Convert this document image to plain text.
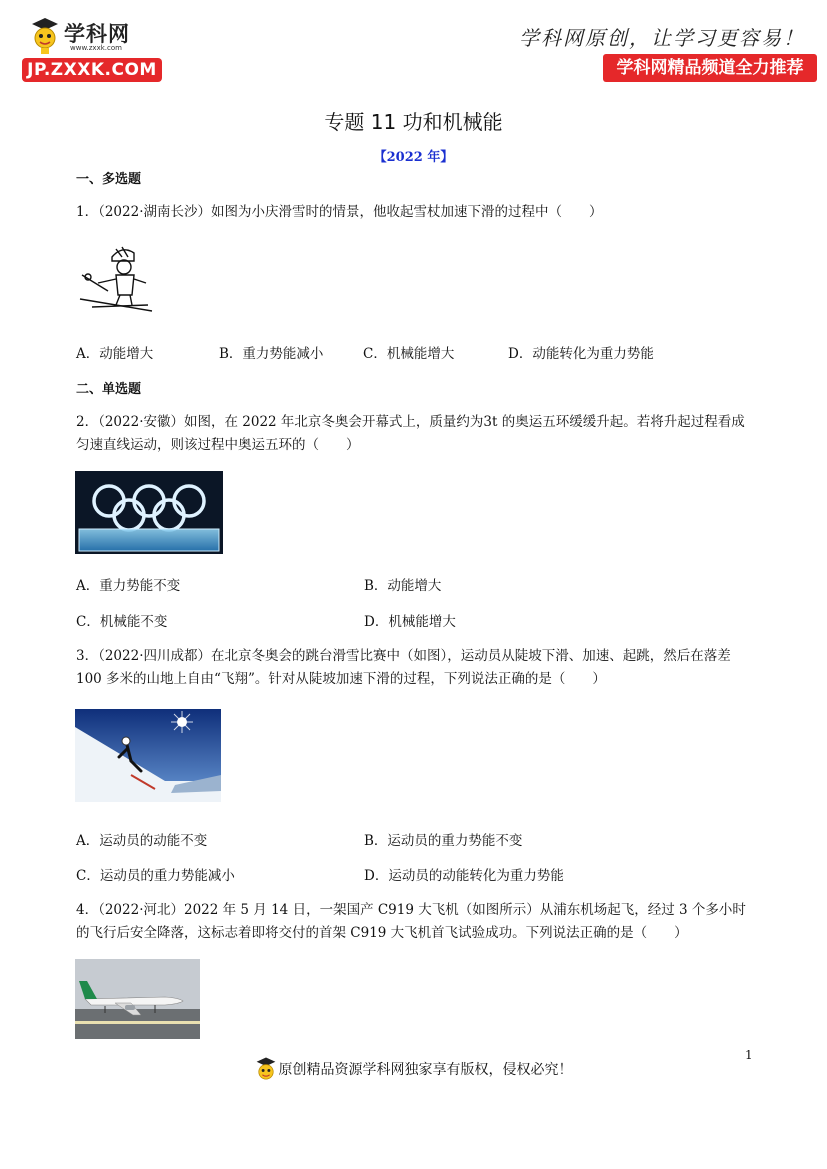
学科网
www.zxxk.com
JP.ZXXK.COM
学科网原创，让学习更容易！
学科网精品频道全力推荐
专题 11 功和机械能
【2022 年】
一、多选题
1．（2022·湖南长沙）如图为小庆滑雪时的情景，他收起雪杖加速下滑的过程中（　　）
A．动能增大	B．重力势能减小	C．机械能增大	D．动能转化为重力势能
二、单选题
2．（2022·安徽）如图，在 2022 年北京冬奥会开幕式上，质量约为3t 的奥运五环缓缓升起。若将升起过程看成匀速直线运动，则该过程中奥运五环的（　　）
A．重力势能不变	B．动能增大
C．机械能不变	D．机械能增大
3．（2022·四川成都）在北京冬奥会的跳台滑雪比赛中（如图），运动员从陡坡下滑、加速、起跳，然后在落差 100 多米的山地上自由“飞翔”。针对从陡坡加速下滑的过程，下列说法正确的是（　　）
A．运动员的动能不变	B．运动员的重力势能不变
C．运动员的重力势能减小	D．运动员的动能转化为重力势能
4．（2022·河北）2022 年 5 月 14 日，一架国产 C919 大飞机（如图所示）从浦东机场起飞，经过 3 个多小时的飞行后安全降落，这标志着即将交付的首架 C919 大飞机首飞试验成功。下列说法正确的是（　　）
1
原创精品资源学科网独家享有版权，侵权必究！
